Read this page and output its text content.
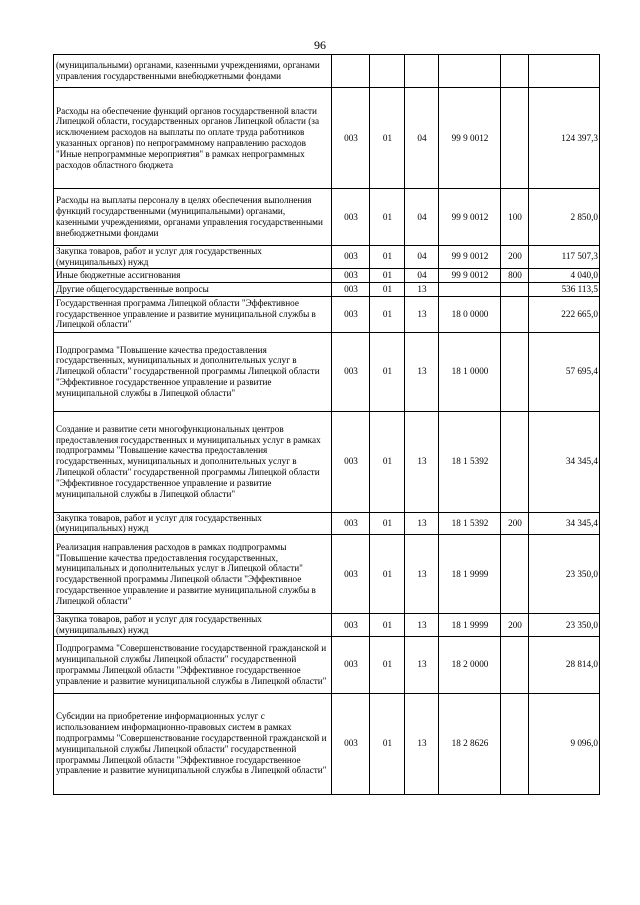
96
(муниципальными) органами, казенными учреждениями, органами управления государственными внебюджетными фондами						
Расходы на обеспечение функций органов государственной власти Липецкой области, государственных органов Липецкой области (за исключением расходов на выплаты по оплате труда работников указанных органов) по непрограммному направлению расходов "Иные непрограммные мероприятия" в рамках непрограммных расходов областного бюджета	003	01	04	99 9 0012		124 397,3
Расходы на выплаты персоналу в целях обеспечения выполнения функций государственными (муниципальными) органами, казенными учреждениями, органами управления государственными внебюджетными фондами	003	01	04	99 9 0012	100	2 850,0
Закупка товаров, работ и услуг для государственных (муниципальных) нужд	003	01	04	99 9 0012	200	117 507,3
Иные бюджетные ассигнования	003	01	04	99 9 0012	800	4 040,0
Другие общегосударственные вопросы	003	01	13			536 113,5
Государственная программа Липецкой области "Эффективное государственное управление и развитие муниципальной службы в Липецкой области"	003	01	13	18 0 0000		222 665,0
Подпрограмма "Повышение качества предоставления государственных, муниципальных и дополнительных услуг в Липецкой области" государственной программы Липецкой области "Эффективное государственное управление и развитие муниципальной службы в Липецкой области"	003	01	13	18 1 0000		57 695,4
Создание и развитие сети многофункциональных центров предоставления государственных и муниципальных услуг в рамках подпрограммы "Повышение качества предоставления государственных, муниципальных и дополнительных услуг в Липецкой области" государственной программы Липецкой области "Эффективное государственное управление и развитие муниципальной службы в Липецкой области"	003	01	13	18 1 5392		34 345,4
Закупка товаров, работ и услуг для государственных (муниципальных) нужд	003	01	13	18 1 5392	200	34 345,4
Реализация направления расходов в рамках подпрограммы "Повышение качества предоставления государственных, муниципальных и дополнительных услуг в Липецкой области" государственной программы Липецкой области "Эффективное государственное управление и развитие муниципальной службы в Липецкой области"	003	01	13	18 1 9999		23 350,0
Закупка товаров, работ и услуг для государственных (муниципальных) нужд	003	01	13	18 1 9999	200	23 350,0
Подпрограмма "Совершенствование государственной гражданской и муниципальной службы Липецкой области" государственной программы Липецкой области "Эффективное государственное управление и развитие муниципальной службы в Липецкой области"	003	01	13	18 2 0000		28 814,0
Субсидии на приобретение информационных услуг с использованием информационно-правовых систем в рамках подпрограммы "Совершенствование государственной гражданской и муниципальной службы Липецкой области" государственной программы Липецкой области "Эффективное государственное управление и развитие муниципальной службы в Липецкой области"	003	01	13	18 2 8626		9 096,0
